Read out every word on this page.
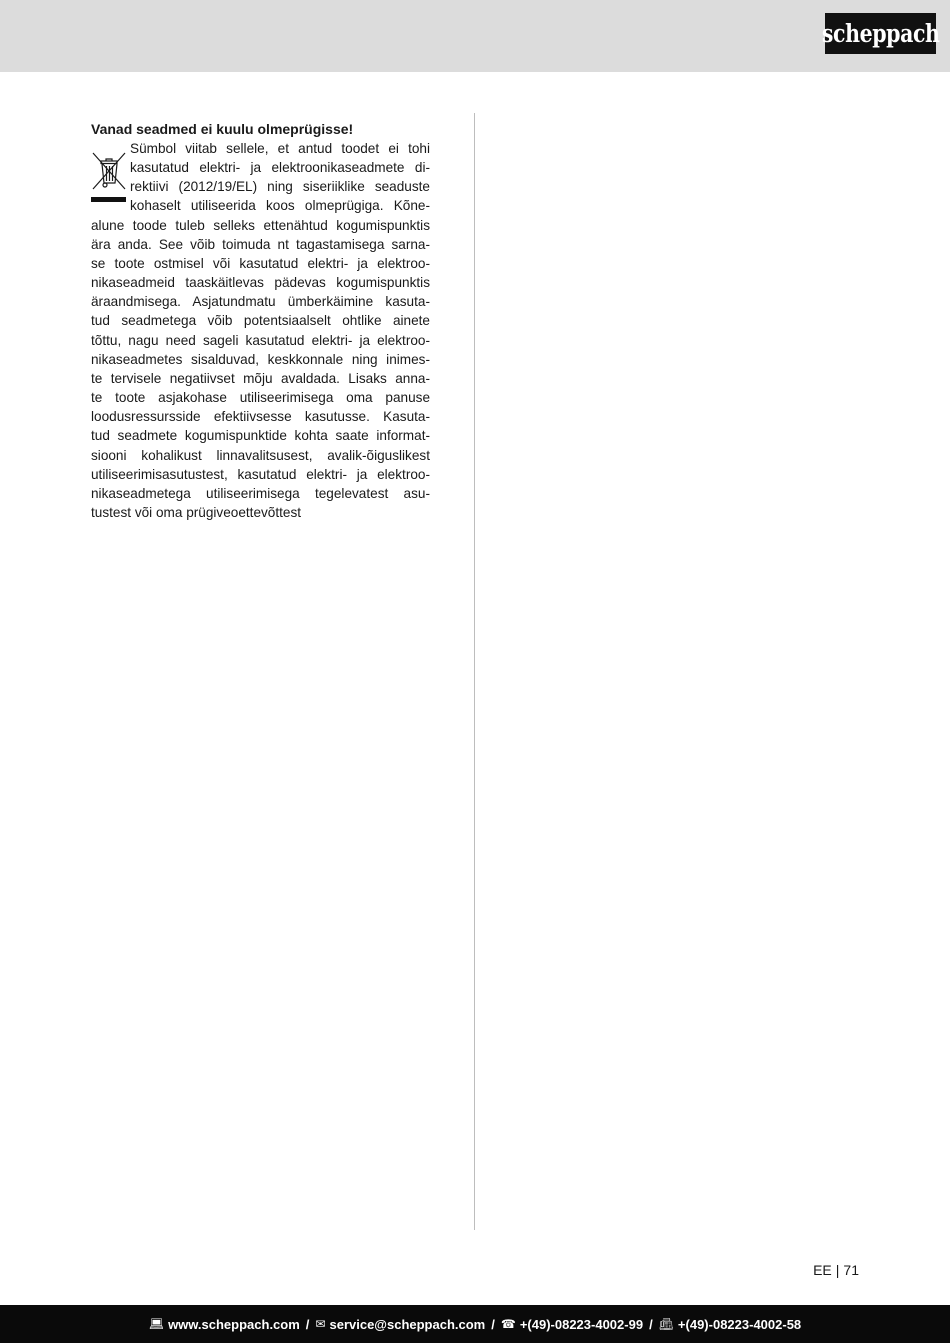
scheppach

Vanad seadmed ei kuulu olmeprügisse!

Sümbol viitab sellele, et antud toodet ei tohi
kasutatud elektri- ja elektroonikaseadmete di-
rektiivi (2012/19/EL) ning siseriiklike seaduste
kohaselt utiliseerida koos olmeprügiga. Kõne-
alune toode tuleb selleks ettenähtud kogumispunktis
ära anda. See võib toimuda nt tagastamisega sarna-
se toote ostmisel või kasutatud elektri- ja elektroo-
nikaseadmeid taaskäitlevas pädevas kogumispunktis
äraandmisega. Asjatundmatu ümberkäimine kasuta-
tud seadmetega võib potentsiaalselt ohtlike ainete
tõttu, nagu need sageli kasutatud elektri- ja elektroo-
nikaseadmetes sisalduvad, keskkonnale ning inimes-
te tervisele negatiivset mõju avaldada. Lisaks anna-
te toote asjakohase utiliseerimisega oma panuse
loodusressursside efektiivsesse kasutusse. Kasuta-
tud seadmete kogumispunktide kohta saate informat-
siooni kohalikust linnavalitsusest, avalik-õiguslikest
utiliseerimisasutustest, kasutatud elektri- ja elektroo-
nikaseadmetega utiliseerimisega tegelevatest asu-
tustest või oma prügiveoettevõttest
EE | 71
💻︎ www.scheppach.com / ✉︎ service@scheppach.com / ☎︎ +(49)-08223-4002-99 / 📠︎ +(49)-08223-4002-58
